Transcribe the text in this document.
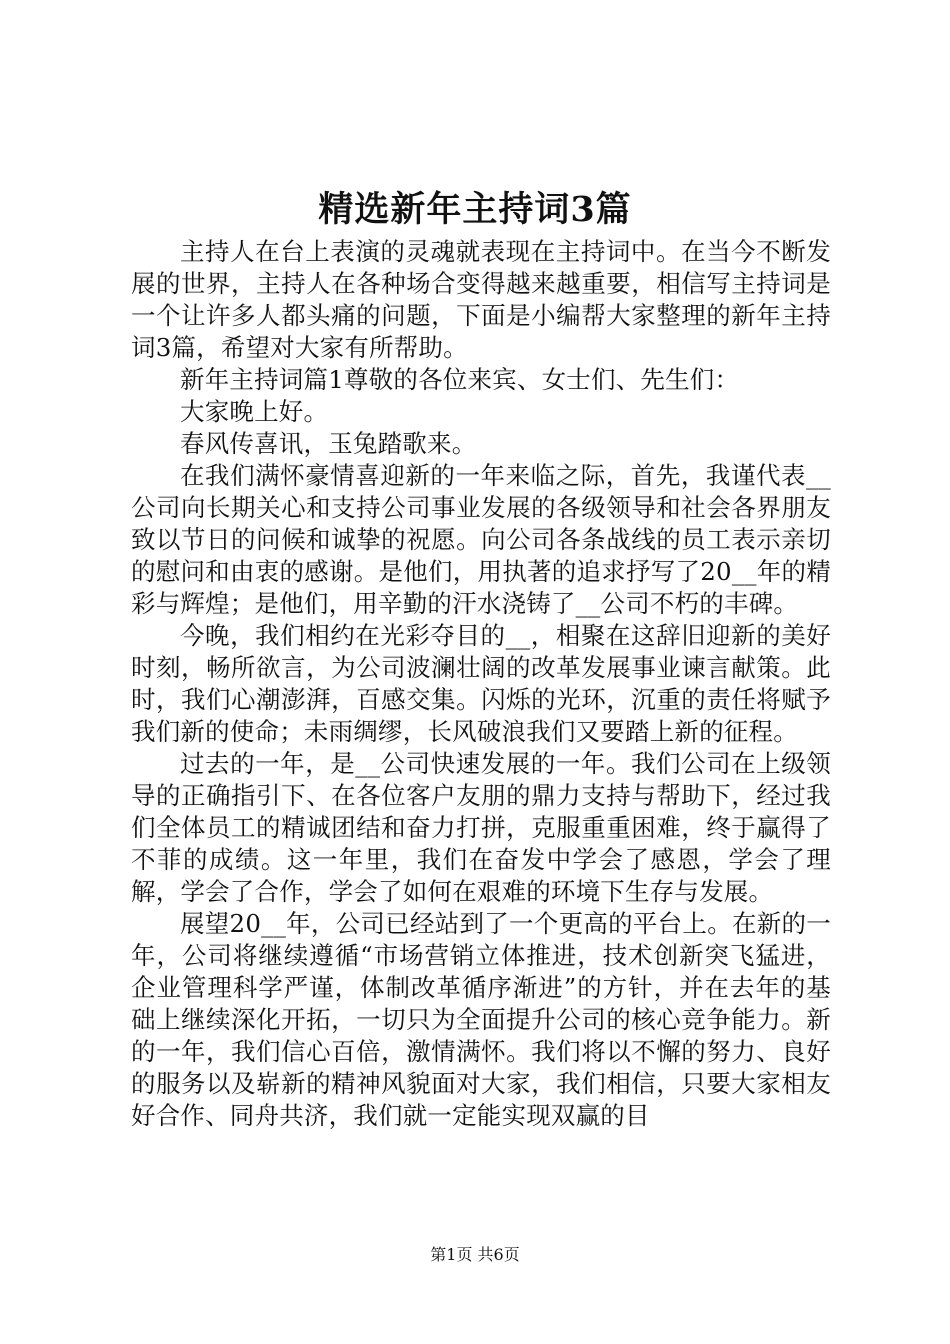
精选新年主持词3篇

主持人在台上表演的灵魂就表现在主持词中。在当今不断发展的世界，主持人在各种场合变得越来越重要，相信写主持词是一个让许多人都头痛的问题，下面是小编帮大家整理的新年主持词3篇，希望对大家有所帮助。

新年主持词篇1尊敬的各位来宾、女士们、先生们：

大家晚上好。

春风传喜讯，玉兔踏歌来。

在我们满怀豪情喜迎新的一年来临之际，首先，我谨代表__公司向长期关心和支持公司事业发展的各级领导和社会各界朋友致以节日的问候和诚挚的祝愿。向公司各条战线的员工表示亲切的慰问和由衷的感谢。是他们，用执著的追求抒写了20__年的精彩与辉煌；是他们，用辛勤的汗水浇铸了__公司不朽的丰碑。

今晚，我们相约在光彩夺目的__，相聚在这辞旧迎新的美好时刻，畅所欲言，为公司波澜壮阔的改革发展事业谏言献策。此时，我们心潮澎湃，百感交集。闪烁的光环，沉重的责任将赋予我们新的使命；未雨绸缪，长风破浪我们又要踏上新的征程。

过去的一年，是__公司快速发展的一年。我们公司在上级领导的正确指引下、在各位客户友朋的鼎力支持与帮助下，经过我们全体员工的精诚团结和奋力打拼，克服重重困难，终于赢得了不菲的成绩。这一年里，我们在奋发中学会了感恩，学会了理解，学会了合作，学会了如何在艰难的环境下生存与发展。

展望20__年，公司已经站到了一个更高的平台上。在新的一年，公司将继续遵循“市场营销立体推进，技术创新突飞猛进，企业管理科学严谨，体制改革循序渐进”的方针，并在去年的基础上继续深化开拓，一切只为全面提升公司的核心竞争能力。新的一年，我们信心百倍，激情满怀。我们将以不懈的努力、良好的服务以及崭新的精神风貌面对大家，我们相信，只要大家相友好合作、同舟共济，我们就一定能实现双赢的目

第1页 共6页
